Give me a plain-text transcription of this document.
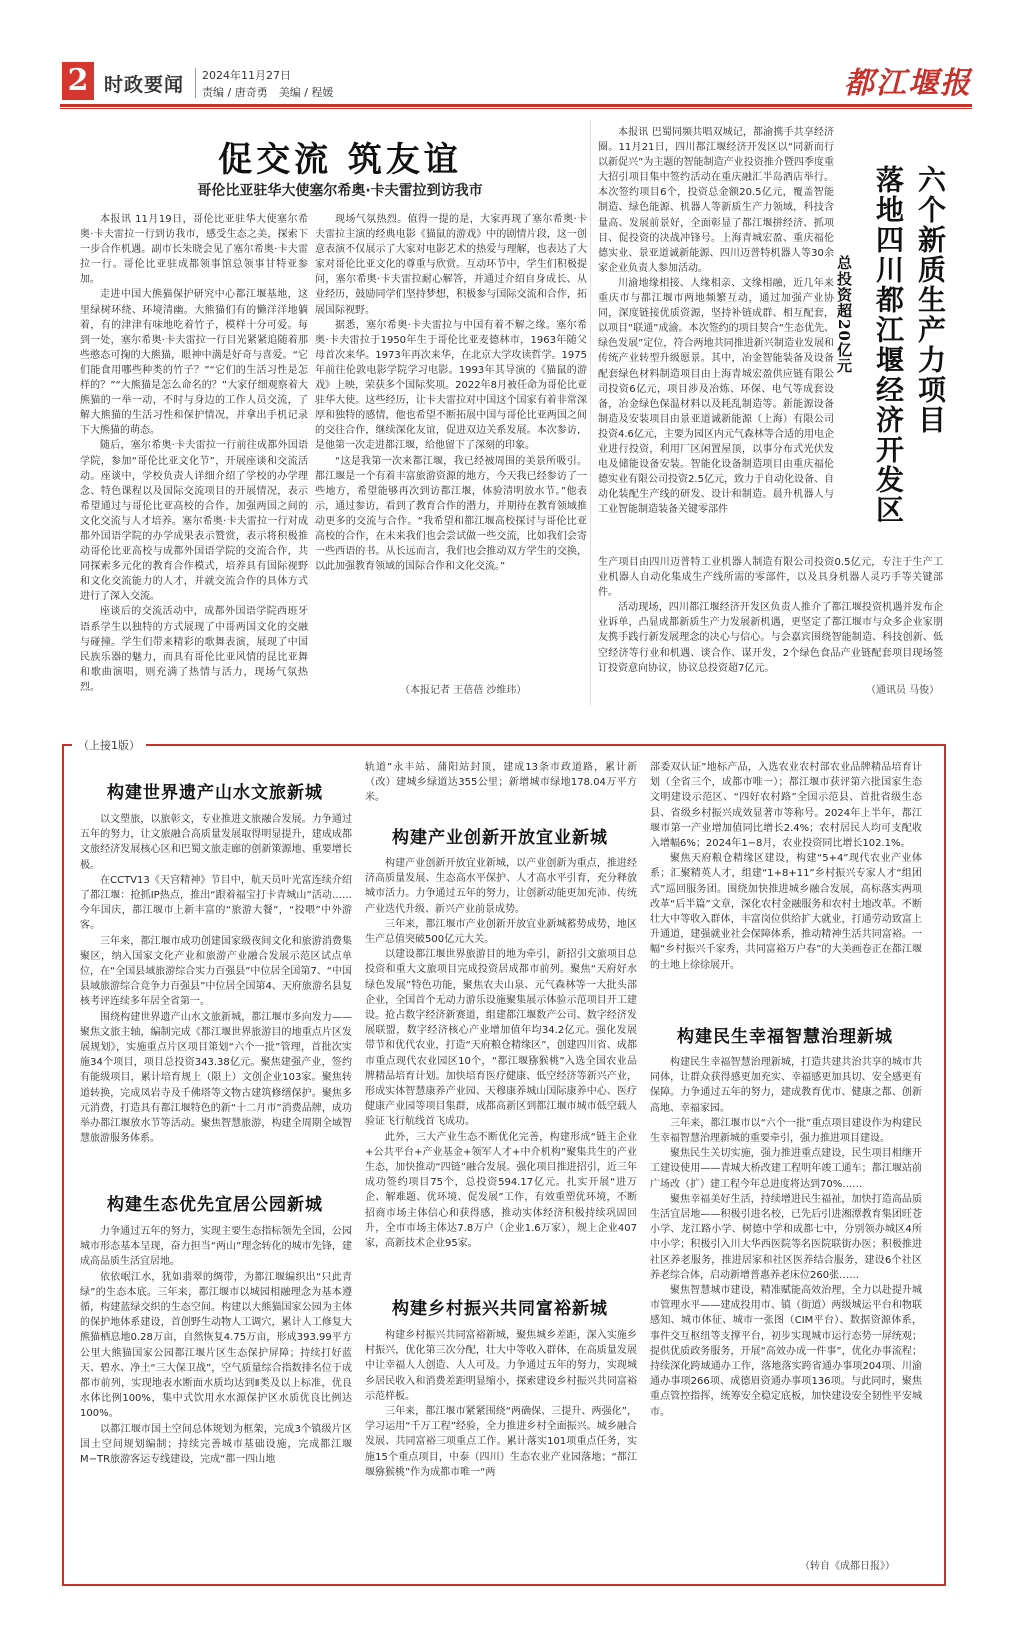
2 时政要闻 2024年11月27日
责编 / 唐奇勇　美编 / 程媛	都江堰报
促交流 筑友谊
哥伦比亚驻华大使塞尔希奥·卡夫雷拉到访我市

本报讯 11月19日，哥伦比亚驻华大使塞尔希奥·卡夫雷拉一行到访我市，感受生态之美，探索下一步合作机遇。副市长朱晓会见了塞尔希奥·卡夫雷拉一行。哥伦比亚驻成都领事馆总领事甘特亚参加。

走进中国大熊猫保护研究中心都江堰基地，这里绿树环绕、环境清幽。大熊猫们有的懒洋洋地躺着，有的津津有味地吃着竹子，模样十分可爱。每到一处，塞尔希奥·卡夫雷拉一行目光紧紧追随着那些憨态可掬的大熊猫，眼神中满是好奇与喜爱。“它们能食用哪些种类的竹子？”“它们的生活习性是怎样的？”“大熊猫是怎么命名的？”大家仔细观察着大熊猫的一举一动，不时与身边的工作人员交流，了解大熊猫的生活习性和保护情况，并拿出手机记录下大熊猫的萌态。

随后，塞尔希奥·卡夫雷拉一行前往成都外国语学院，参加“哥伦比亚文化节”，开展座谈和交流活动。座谈中，学校负责人详细介绍了学校的办学理念、特色课程以及国际交流项目的开展情况，表示希望通过与哥伦比亚高校的合作，加强两国之间的文化交流与人才培养。塞尔希奥·卡夫雷拉一行对成都外国语学院的办学成果表示赞赏，表示将积极推动哥伦比亚高校与成都外国语学院的交流合作，共同探索多元化的教育合作模式，培养具有国际视野和文化交流能力的人才，并就交流合作的具体方式进行了深入交流。

座谈后的交流活动中，成都外国语学院西班牙语系学生以独特的方式展现了中哥两国文化的交融与碰撞。学生们带来精彩的歌舞表演，展现了中国民族乐器的魅力，而具有哥伦比亚风情的昆比亚舞和歌曲演唱，则充满了热情与活力，现场气氛热烈。

现场气氛热烈。值得一提的是，大家再现了塞尔希奥·卡夫雷拉主演的经典电影《猫鼠的游戏》中的剧情片段，这一创意表演不仅展示了大家对电影艺术的热爱与理解，也表达了大家对哥伦比亚文化的尊重与欣赏。互动环节中，学生们积极提问，塞尔希奥·卡夫雷拉耐心解答，并通过介绍自身成长、从业经历，鼓励同学们坚持梦想，积极参与国际交流和合作，拓展国际视野。

据悉，塞尔希奥·卡夫雷拉与中国有着不解之缘。塞尔希奥·卡夫雷拉于1950年生于哥伦比亚麦德林市，1963年随父母首次来华。1973年再次来华，在北京大学攻读哲学。1975年前往伦敦电影学院学习电影。1993年其导演的《猫鼠的游戏》上映，荣获多个国际奖项。2022年8月被任命为哥伦比亚驻华大使。这些经历，让卡夫雷拉对中国这个国家有着非常深厚和独特的感情，他也希望不断拓展中国与哥伦比亚两国之间的交往合作，继续深化友谊，促进双边关系发展。本次参访，是他第一次走进都江堰，给他留下了深刻的印象。

“这是我第一次来都江堰，我已经被周围的美景所吸引。都江堰是一个有着丰富旅游资源的地方，今天我已经参访了一些地方，希望能够再次到访都江堰，体验清明放水节。”他表示，通过参访，看到了教育合作的潜力，并期待在教育领域推动更多的交流与合作。“我希望和都江堰高校探讨与哥伦比亚高校的合作，在未来我们也会尝试做一些交流，比如我们会寄一些西语的书。从长远而言，我们也会推动双方学生的交换，以此加强教育领域的国际合作和文化交流。”

（本报记者 王蓓蓓 沙维玮）
六个新质生产力项目
落地四川都江堰经济开发区
总投资超20亿元

本报讯 巴蜀同频共唱双城记，都渝携手共享经济圈。11月21日，四川都江堰经济开发区以“同新而行 以新促兴”为主题的智能制造产业投资推介暨四季度重大招引项目集中签约活动在重庆融汇半岛酒店举行。本次签约项目6个，投资总金额20.5亿元，覆盖智能制造、绿色能源、机器人等新质生产力领域，科技含量高、发展前景好，全面彰显了都江堰拼经济、抓项目、促投资的决战冲锋号。上海青城宏盈、重庆福伦德实业、景亚道诚新能源、四川迈普特机器人等30余家企业负责人参加活动。

川渝地缘相接、人缘相亲、文缘相融，近几年来重庆市与都江堰市两地频繁互动，通过加强产业协同，深度链接优质资源，坚持补链成群、相互配套，以项目“联通”成渝。本次签约的项目契合“生态优先、绿色发展”定位，符合两地共同推进新兴制造业发展和传统产业转型升级愿景。其中，冶金智能装备及设备配套绿色材料制造项目由上海青城宏盈供应链有限公司投资6亿元，项目涉及冶炼、环保、电气等成套设备，冶金绿色保温材料以及耗乱制造等。新能源设备制造及安装项目由景亚道诚新能源（上海）有限公司投资4.6亿元，主要为园区内元气森林等合适的用电企业进行投资，利用厂区闲置屋顶，以事分布式光伏发电及储能设备安装。智能化设备制造项目由重庆福伦德实业有限公司投资2.5亿元，致力于自动化设备、自动化装配生产线的研发、设计和制造。晨升机器人与工业智能制造装备关键零部件

生产项目由四川迈普特工业机器人制造有限公司投资0.5亿元，专注于生产工业机器人自动化集成生产线所需的零部件，以及具身机器人灵巧手等关键部件。

活动现场，四川都江堰经济开发区负责人推介了都江堰投资机遇并发布企业诉单，凸显成都新质生产力发展新机遇，更坚定了都江堰市与众多企业家朋友携手践行新发展理念的决心与信心。与会嘉宾围绕智能制造、科技创新、低空经济等行业和机遇、谈合作、谋开发，2个绿色食品产业链配套项目现场签订投资意向协议，协议总投资超7亿元。

（通讯员 马俊）
（上接1版）
构建世界遗产山水文旅新城

以文塑旅，以旅彰文，专业推进文旅融合发展。力争通过五年的努力，让文旅融合高质量发展取得明显提升，建成成都文旅经济发展核心区和巴蜀文旅走廊的创新策源地、重要增长极。

在CCTV13《天宫精神》节目中，航天员叶光富连续介绍了都江堰：抢抓IP热点，推出“跟着福宝打卡青城山”活动……今年国庆，都江堰市上新丰富的“旅游大餐”，“投喂”中外游客。

三年来，都江堰市成功创建国家级夜间文化和旅游消费集聚区，纳入国家文化产业和旅游产业融合发展示范区试点单位，在“全国县域旅游综合实力百强县”中位居全国第7、“中国县域旅游综合竞争力百强县”中位居全国第4、天府旅游名县复核考评连续多年居全省第一。

围绕构建世界遗产山水文旅新城，都江堰市多向发力——聚焦文旅主轴，编制完成《都江堰世界旅游目的地重点片区发展规划》，实施重点片区项目策划“六个一批”管理，首批次实施34个项目，项目总投资343.38亿元。聚焦建强产业，签约有能级项目，累计培育规上（限上）文创企业103家。聚焦转道转换，完成凤岩寺及千佛塔等文物古建筑修缮保护。聚焦多元消费，打造具有都江堰特色的新“十二月市”消费品牌，成功举办都江堰放水节等活动。聚焦智慧旅游，构建全周期全域智慧旅游服务体系。

构建生态优先宜居公园新城

力争通过五年的努力，实现主要生态指标领先全国，公园城市形态基本呈现，奋力担当“两山”理念转化的城市先锋，建成高品质生活宜居地。

依依岷江水，犹如翡翠的绸带，为都江堰编织出“只此青绿”的生态本底。三年来，都江堰市以城园相融理念为基本遵循，构建蓝绿交织的生态空间。构建以大熊猫国家公园为主体的保护地体系建设，首创野生动物人工调穴，累计人工修复大熊猫栖息地0.28万亩，自然恢复4.75万亩，形成393.99平方公里大熊猫国家公园都江堰片区生态保护屏障；持续打好蓝天、碧水、净土“三大保卫战”，空气质量综合指数排名位于成都市前列，实现地表水断面水质均达到Ⅱ类及以上标准，优良水体比例100%，集中式饮用水水源保护区水质优良比例达100%。

以都江堰市国土空间总体规划为框架，完成3个镇级片区国土空间规划编制；持续完善城市基础设施，完成都江堰M−TR旅游客运专线建设，完成“都一四山地

轨道”永丰站、蒲阳站封顶，建成13条市政道路，累计新（改）建城乡绿道达355公里；新增城市绿地178.04万平方米。

构建产业创新开放宜业新城

构建产业创新开放宜业新城，以产业创新为重点，推进经济高质量发展、生态高水平保护、人才高水平引育，充分释放城市活力。力争通过五年的努力，让创新动能更加充沛、传统产业迭代升级、新兴产业前景成势。

三年来，都江堰市产业创新开放宜业新城蓄势成势，地区生产总值突破500亿元大关。

以建设都江堰世界旅游目的地为牵引，新招引文旅项目总投资和重大文旅项目完成投资居成都市前列。聚焦“天府好水绿色发展”特色功能，聚焦农夫山泉、元气森林等一大批头部企业，全国首个无动力游乐设施聚集展示体验示范项目开工建设。抢占数字经济新赛道，组建都江堰数产公司、数字经济发展联盟，数字经济核心产业增加值年均34.2亿元。强化发展带节和优代农业，打造“天府粮仓精缘区”，创建四川省、成都市重点现代农业园区10个，“都江堰猕猴桃”入选全国农业品牌精品培育计划。加快培育医疗健康、低空经济等新兴产业，形成实体智慧康养产业园、天穆康养城山国际康养中心、医疗健康产业园等项目集群，成都高新区到都江堰市城市低空载人验证飞行航线首飞成功。

此外，三大产业生态不断优化完善，构建形成“链主企业+公共平台+产业基金+领军人才+中介机构”聚集共生的产业生态，加快推动“四链”融合发展。强化项目推进招引，近三年成功签约项目75个，总投资594.17亿元。扎实开展“进万企、解难题、优环境、促发展”工作，有效重塑优环境，不断招商市场主体信心和获得感，推动实体经济积极持续巩固回升，全市市场主体达7.8万户（企业1.6万家），规上企业407家，高新技术企业95家。

构建乡村振兴共同富裕新城

构建乡村振兴共同富裕新城，聚焦城乡差距，深入实施乡村振兴，优化第三次分配，壮大中等收入群体，在高质量发展中让幸福人人创造、人人可及。力争通过五年的努力，实现城乡居民收入和消费差距明显缩小，探索建设乡村振兴共同富裕示范样板。

三年来，都江堰市紧紧围绕“两确保、三提升、两强化”，学习运用“千万工程”经验，全力推进乡村全面振兴。城乡融合发展、共同富裕三项重点工作。累计落实101项重点任务，实施15个重点项目，中泰（四川）生态农业产业园落地；“都江堰猕猴桃”作为成都市唯一“两

部委双认证”地标产品，入选农业农村部农业品牌精品培育计划（全省三个，成都市唯一）；都江堰市获评第六批国家生态文明建设示范区、“四好农村路”全国示范县、首批省级生态县、省级乡村振兴成效显著市等称号。2024年上半年，都江堰市第一产业增加值同比增长2.4%；农村居民人均可支配收入增幅6%；2024年1−8月，农业投资同比增长102.1%。

聚焦天府粮仓精缘区建设，构建“5+4”现代农业产业体系；汇聚精英人才，组建“1+8+11”乡村振兴专家人才“组团式”巡回服务团。围绕加快推进城乡融合发展，高标落实两项改革“后半篇”文章，深化农村金融服务和农村土地改革。不断壮大中等收入群体，丰富岗位供给扩大就业，打通劳动致富上升通道，建强就业社会保障体系，推动精神生活共同富裕。一幅“乡村振兴千家秀，共同富裕万户春”的大美画卷正在都江堰的土地上徐徐展开。

构建民生幸福智慧治理新城

构建民生幸福智慧治理新城，打造共建共治共享的城市共同体，让群众获得感更加充实、幸福感更加具切、安全感更有保障。力争通过五年的努力，建成教育优市、健康之都、创新高地、幸福家园。

三年来，都江堰市以“六个一批”重点项目建设作为构建民生幸福智慧治理新城的重要牵引，强力推进项目建设。

聚焦民生关切实施，强力推进重点建设，民生项目相继开工建设使用——青城大桥改建工程明年竣工通车；都江堰站前广场改（扩）建工程今年总进度将达到70%……

聚焦幸福美好生活，持续增进民生福祉，加快打造高品质生活宜居地——积极引进名校，已先后引进湘潭教育集团旺苍小学、龙江路小学、树德中学和成都七中，分别领办城区4所中小学；积极引入川大华西医院等名医院联街办医；积极推进社区养老服务，推进居家和社区医养结合服务，建设6个社区养老综合体，启动新增普惠养老床位260张……

聚焦智慧城市建设，精准赋能高效治理，全力以赴提升城市管理水平——建成投用市、镇（街道）两级城运平台和物联感知、城市体征、城市一张图（CIM平台）、数据资源体系，事件交互枢纽等支撑平台，初步实现城市运行态势一屏统观；提供优质政务服务，开展“高效办成一件事”，优化办事流程；持续深化跨域通办工作，落地落实跨省通办事项204项、川渝通办事项266项、成德眉资通办事项136项。与此同时，聚焦重点管控指挥，统筹安全稳定底板，加快建设安全韧性平安城市。

（转自《成都日报》）
